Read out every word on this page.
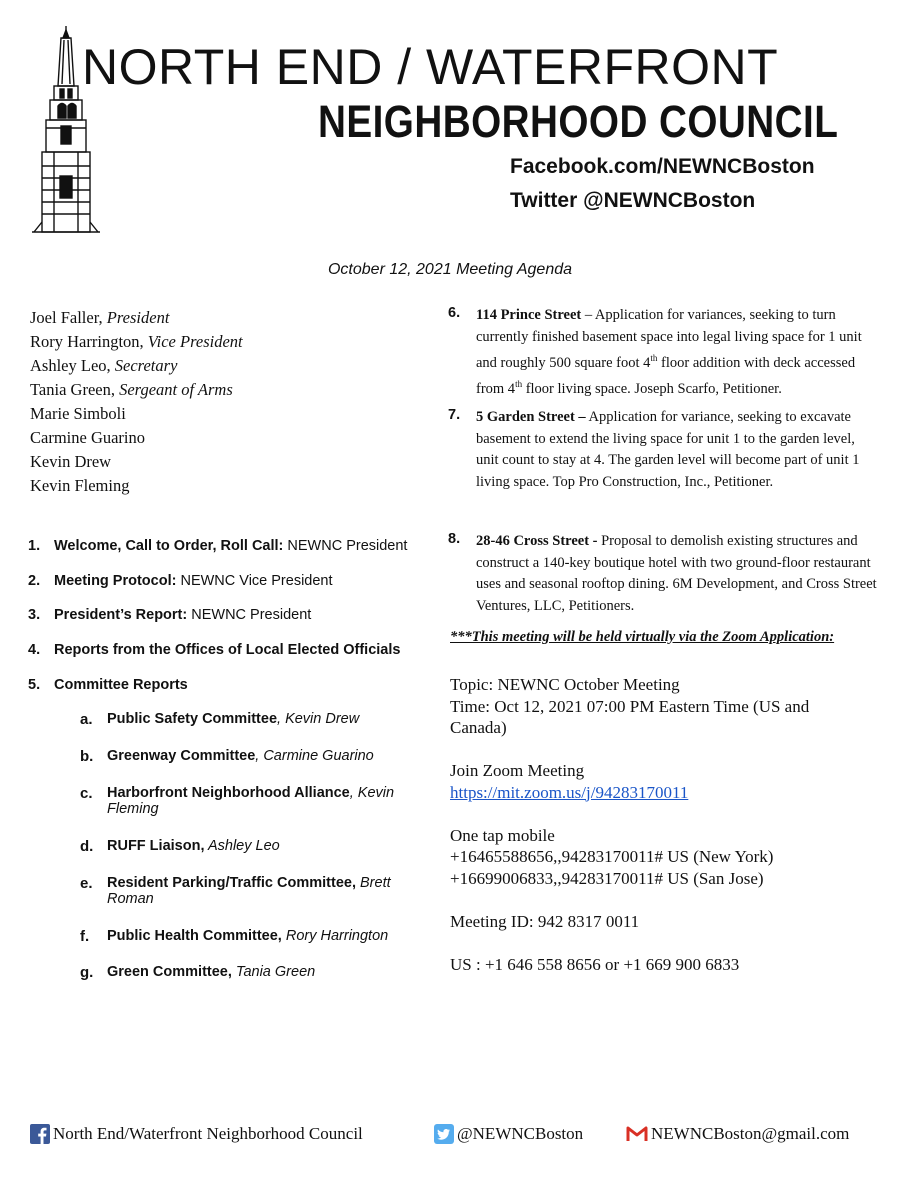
NORTH END / WATERFRONT
NEIGHBORHOOD COUNCIL
Facebook.com/NEWNCBoston
Twitter @NEWNCBoston
October 12, 2021 Meeting Agenda
Joel Faller, President
Rory Harrington, Vice President
Ashley Leo, Secretary
Tania Green, Sergeant of Arms
Marie Simboli
Carmine Guarino
Kevin Drew
Kevin Fleming
1. Welcome, Call to Order, Roll Call: NEWNC President
2. Meeting Protocol: NEWNC Vice President
3. President’s Report: NEWNC President
4. Reports from the Offices of Local Elected Officials
5. Committee Reports
a. Public Safety Committee, Kevin Drew
b. Greenway Committee, Carmine Guarino
c. Harborfront Neighborhood Alliance, Kevin Fleming
d. RUFF Liaison, Ashley Leo
e. Resident Parking/Traffic Committee, Brett Roman
f. Public Health Committee, Rory Harrington
g. Green Committee, Tania Green
6. 114 Prince Street – Application for variances, seeking to turn currently finished basement space into legal living space for 1 unit and roughly 500 square foot 4th floor addition with deck accessed from 4th floor living space. Joseph Scarfo, Petitioner.
7. 5 Garden Street – Application for variance, seeking to excavate basement to extend the living space for unit 1 to the garden level, unit count to stay at 4. The garden level will become part of unit 1 living space. Top Pro Construction, Inc., Petitioner.
8. 28-46 Cross Street - Proposal to demolish existing structures and construct a 140-key boutique hotel with two ground-floor restaurant uses and seasonal rooftop dining. 6M Development, and Cross Street Ventures, LLC, Petitioners.
***This meeting will be held virtually via the Zoom Application:
Topic: NEWNC October Meeting
Time: Oct 12, 2021 07:00 PM Eastern Time (US and
Canada)
Join Zoom Meeting
https://mit.zoom.us/j/94283170011
One tap mobile
+16465588656,,94283170011# US (New York)
+16699006833,,94283170011# US (San Jose)
Meeting ID: 942 8317 0011
US : +1 646 558 8656 or +1 669 900 6833
North End/Waterfront Neighborhood Council	@NEWNCBoston	NEWNCBoston@gmail.com
